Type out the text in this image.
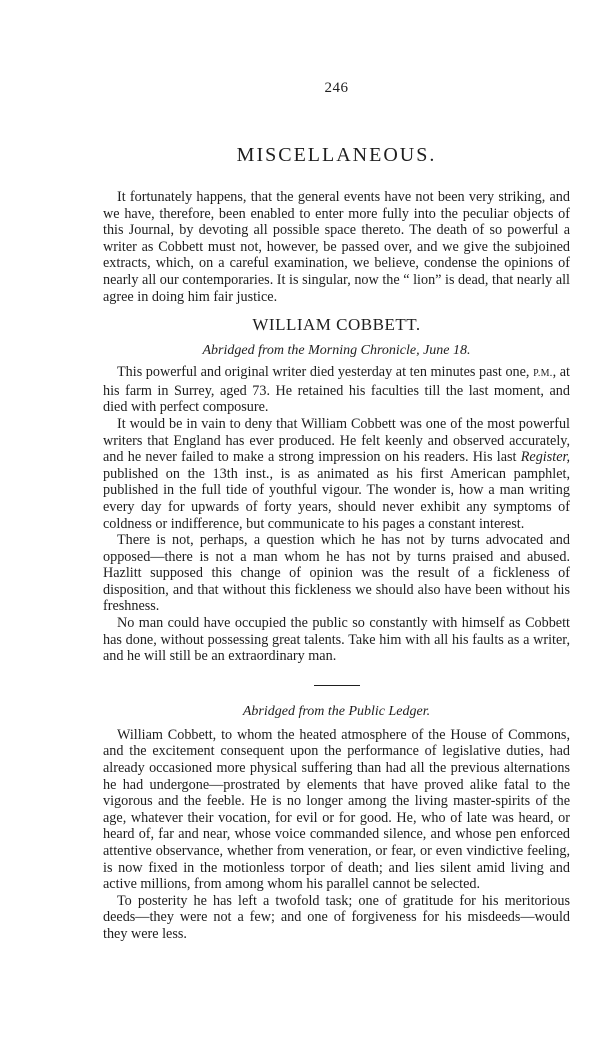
246
MISCELLANEOUS.

It fortunately happens, that the general events have not been very striking, and we have, therefore, been enabled to enter more fully into the peculiar objects of this Journal, by devoting all possible space thereto. The death of so powerful a writer as Cobbett must not, however, be passed over, and we give the subjoined extracts, which, on a careful examination, we believe, condense the opinions of nearly all our contemporaries. It is singular, now the “ lion” is dead, that nearly all agree in doing him fair justice.

WILLIAM COBBETT.
Abridged from the Morning Chronicle, June 18.

This powerful and original writer died yesterday at ten minutes past one, P.M., at his farm in Surrey, aged 73. He retained his faculties till the last moment, and died with perfect composure.

It would be in vain to deny that William Cobbett was one of the most powerful writers that England has ever produced. He felt keenly and observed accurately, and he never failed to make a strong impression on his readers. His last Register, published on the 13th inst., is as animated as his first American pamphlet, published in the full tide of youthful vigour. The wonder is, how a man writing every day for upwards of forty years, should never exhibit any symptoms of coldness or indifference, but communicate to his pages a constant interest.

There is not, perhaps, a question which he has not by turns advocated and opposed—there is not a man whom he has not by turns praised and abused. Hazlitt supposed this change of opinion was the result of a fickleness of disposition, and that without this fickleness we should also have been without his freshness.

No man could have occupied the public so constantly with himself as Cobbett has done, without possessing great talents. Take him with all his faults as a writer, and he will still be an extraordinary man.

Abridged from the Public Ledger.

William Cobbett, to whom the heated atmosphere of the House of Commons, and the excitement consequent upon the performance of legislative duties, had already occasioned more physical suffering than had all the previous alternations he had undergone—prostrated by elements that have proved alike fatal to the vigorous and the feeble. He is no longer among the living master-spirits of the age, whatever their vocation, for evil or for good. He, who of late was heard, or heard of, far and near, whose voice commanded silence, and whose pen enforced attentive observance, whether from veneration, or fear, or even vindictive feeling, is now fixed in the motionless torpor of death; and lies silent amid living and active millions, from among whom his parallel cannot be selected.

To posterity he has left a twofold task; one of gratitude for his meritorious deeds—they were not a few; and one of forgiveness for his misdeeds—would they were less.
